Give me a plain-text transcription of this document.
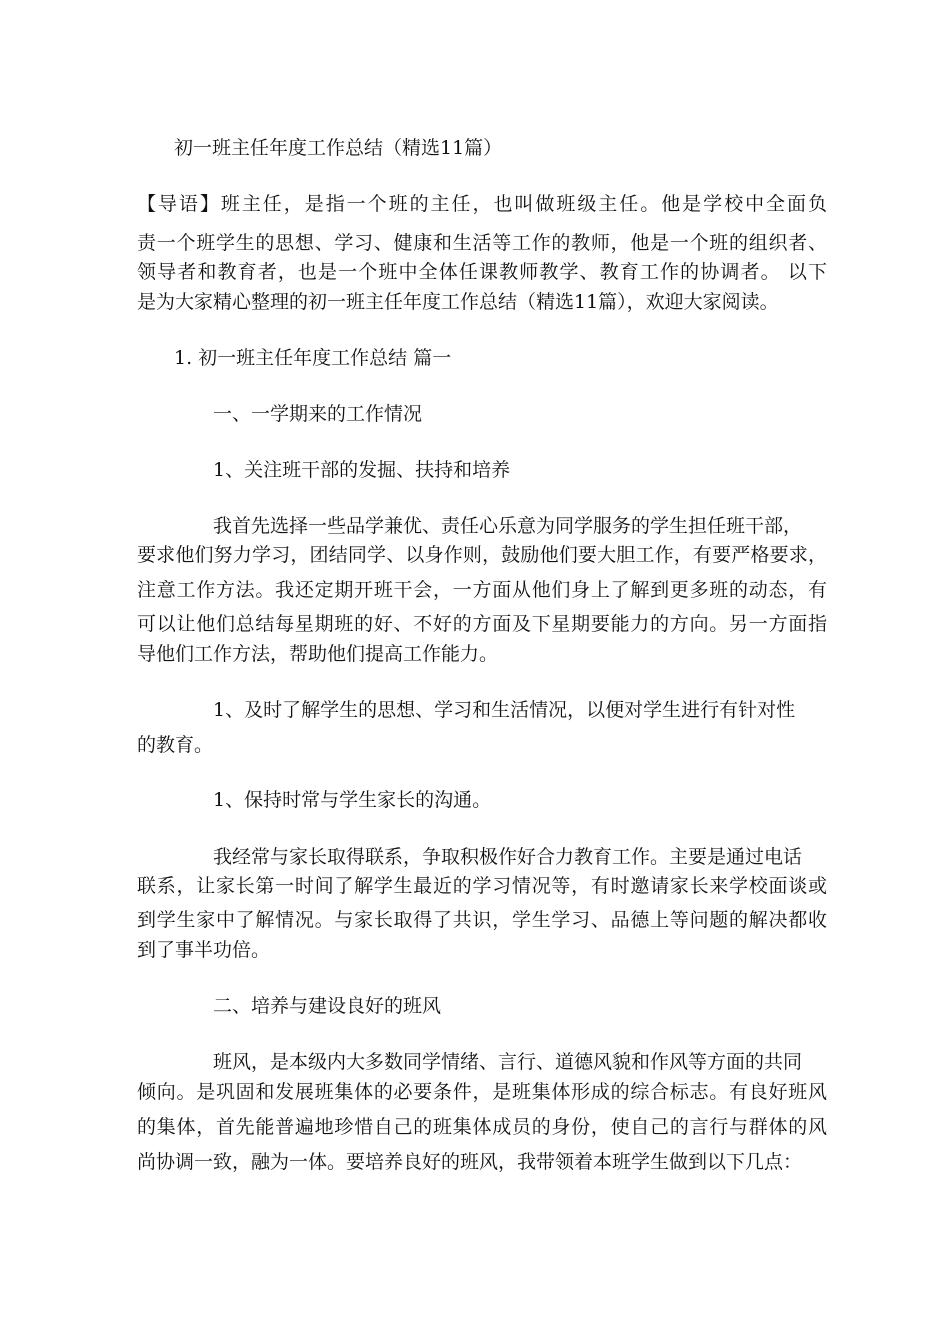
初一班主任年度工作总结（精选11篇）

【导语】班主任，是指一个班的主任，也叫做班级主任。他是学校中全面负

责一个班学生的思想、学习、健康和生活等工作的教师，他是一个班的组织者、

领导者和教育者，也是一个班中全体任课教师教学、教育工作的协调者。 以下

是为大家精心整理的初一班主任年度工作总结（精选11篇），欢迎大家阅读。

1. 初一班主任年度工作总结 篇一

一、一学期来的工作情况

1、关注班干部的发掘、扶持和培养

我首先选择一些品学兼优、责任心乐意为同学服务的学生担任班干部，

要求他们努力学习，团结同学、以身作则，鼓励他们要大胆工作，有要严格要求，

注意工作方法。我还定期开班干会，一方面从他们身上了解到更多班的动态，有

可以让他们总结每星期班的好、不好的方面及下星期要能力的方向。另一方面指

导他们工作方法，帮助他们提高工作能力。

1、及时了解学生的思想、学习和生活情况，以便对学生进行有针对性

的教育。

1、保持时常与学生家长的沟通。

我经常与家长取得联系，争取积极作好合力教育工作。主要是通过电话

联系，让家长第一时间了解学生最近的学习情况等，有时邀请家长来学校面谈或

到学生家中了解情况。与家长取得了共识，学生学习、品德上等问题的解决都收

到了事半功倍。

二、培养与建设良好的班风

班风，是本级内大多数同学情绪、言行、道德风貌和作风等方面的共同

倾向。是巩固和发展班集体的必要条件，是班集体形成的综合标志。有良好班风

的集体，首先能普遍地珍惜自己的班集体成员的身份，使自己的言行与群体的风

尚协调一致，融为一体。要培养良好的班风，我带领着本班学生做到以下几点：
